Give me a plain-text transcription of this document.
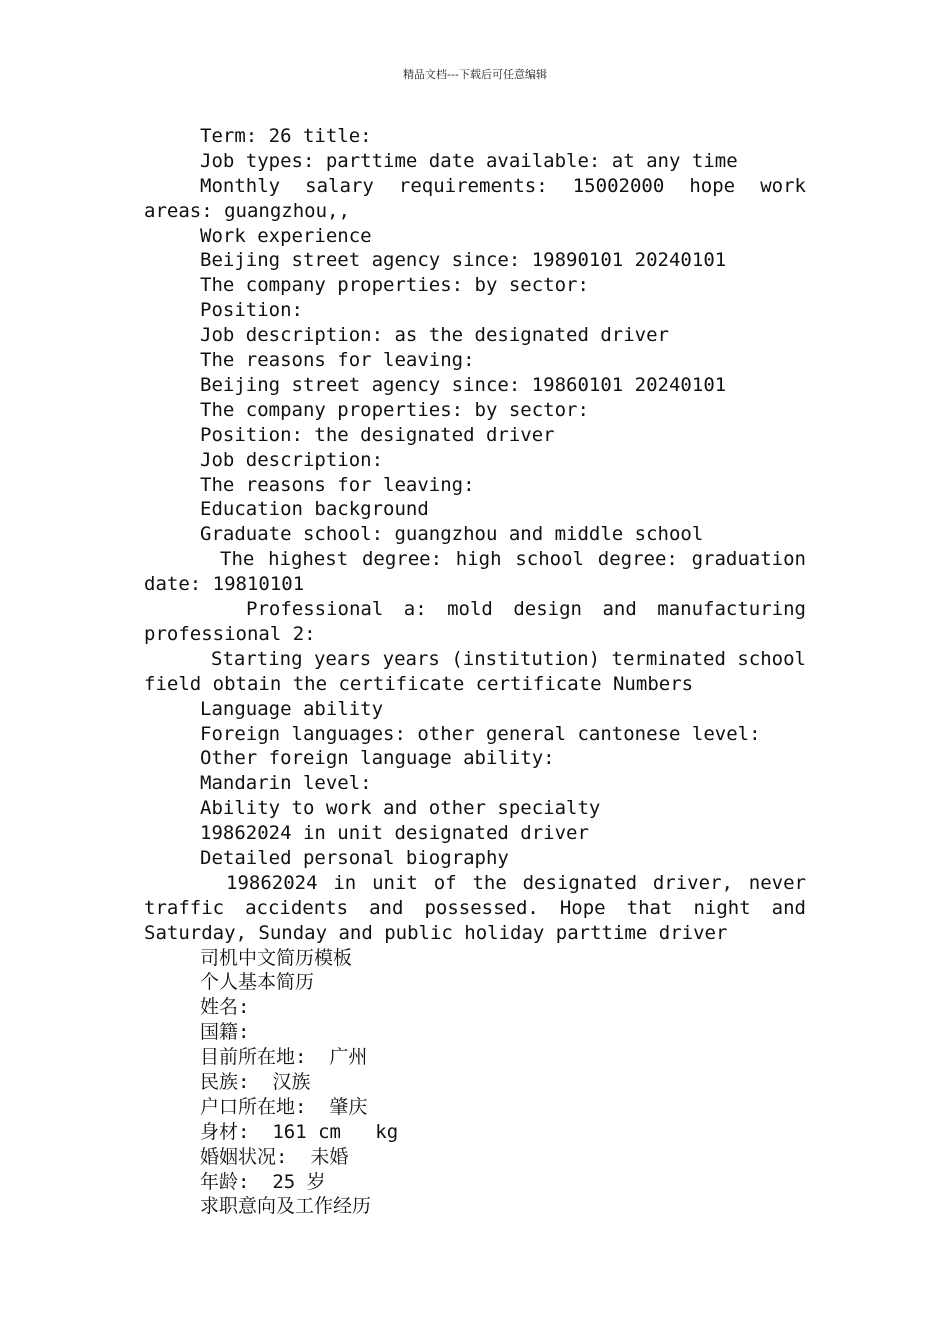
精品文档---下载后可任意编辑
Term: 26 title:
Job types: parttime date available: at any time
Monthly salary requirements: 15002000 hope work areas: guangzhou,,
Work experience
Beijing street agency since: 19890101 20240101
The company properties: by sector:
Position:
Job description: as the designated driver
The reasons for leaving:
Beijing street agency since: 19860101 20240101
The company properties: by sector:
Position: the designated driver
Job description:
The reasons for leaving:
Education background
Graduate school: guangzhou and middle school
The highest degree: high school degree: graduation date: 19810101
Professional a: mold design and manufacturing professional 2:
Starting years years (institution) terminated school field obtain the certificate certificate Numbers
Language ability
Foreign languages: other general cantonese level:
Other foreign language ability:
Mandarin level:
Ability to work and other specialty
19862024 in unit designated driver
Detailed personal biography
19862024 in unit of the designated driver, never traffic accidents and possessed. Hope that night and Saturday, Sunday and public holiday parttime driver
司机中文简历模板
个人基本简历
姓名:
国籍:
目前所在地:  广州
民族:  汉族
户口所在地:  肇庆
身材:  161 cm   kg
婚姻状况:  未婚
年龄:  25 岁
求职意向及工作经历
